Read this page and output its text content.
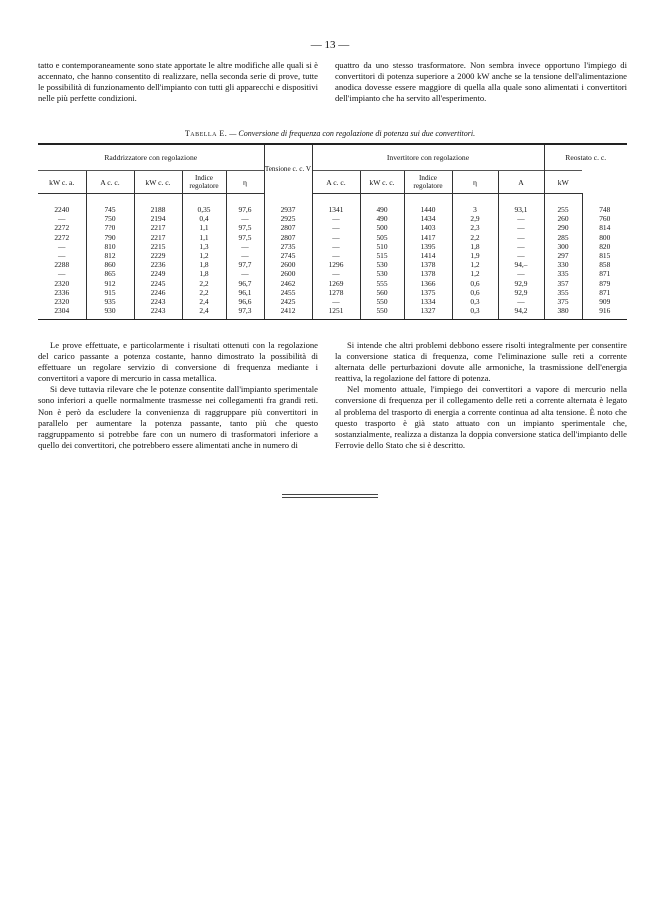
— 13 —

tatto e contemporaneamente sono state apportate le altre modifiche alle quali si è accennato, che hanno consentito di realizzare, nella seconda serie di prove, tutte le possibilità di funzionamento dell'impianto con tutti gli apparecchi e dispositivi nelle più perfette condizioni.

quattro da uno stesso trasformatore. Non sembra invece opportuno l'impiego di convertitori di potenza superiore a 2000 kW anche se la tensione dell'alimentazione anodica dovesse essere maggiore di quella alla quale sono alimentati i convertitori dell'impianto che ha servito all'esperimento.

Tabella E. — Conversione di frequenza con regolazione di potenza sui due convertitori.
Raddrizzatore con regolazione					Tensione c. c. V	Invertitore con regolazione					Reostato c. c.	
kW c. a.	A c. c.	kW c. c.	Indice regolatore	η		A c. c.	kW c. c.	Indice regolatore	η	A	kW	
2240	745	2188	0,35	97,6	2937	1341	490	1440	3	93,1	255	748
—	750	2194	0,4	—	2925	—	490	1434	2,9	—	260	760
2272	7?0	2217	1,1	97,5	2807	—	500	1403	2,3	—	290	814
2272	790	2217	1,1	97,5	2807	—	505	1417	2,2	—	285	800
—	810	2215	1,3	—	2735	—	510	1395	1,8	—	300	820
—	812	2229	1,2	—	2745	—	515	1414	1,9	—	297	815
2288	860	2236	1,8	97,7	2600	1296	530	1378	1,2	94,–	330	858
—	865	2249	1,8	—	2600	—	530	1378	1,2	—	335	871
2320	912	2245	2,2	96,7	2462	1269	555	1366	0,6	92,9	357	879
2336	915	2246	2,2	96,1	2455	1278	560	1375	0,6	92,9	355	871
2320	935	2243	2,4	96,6	2425	—	550	1334	0,3	—	375	909
2304	930	2243	2,4	97,3	2412	1251	550	1327	0,3	94,2	380	916

Le prove effettuate, e particolarmente i risultati ottenuti con la regolazione del carico passante a potenza costante, hanno dimostrato la possibilità di effettuare un regolare servizio di conversione di frequenza mediante i convertitori a vapore di mercurio in cassa metallica.

Si deve tuttavia rilevare che le potenze consentite dall'impianto sperimentale sono inferiori a quelle normalmente trasmesse nei collegamenti fra grandi reti. Non è però da escludere la convenienza di raggruppare più convertitori in parallelo per aumentare la potenza passante, tanto più che questo raggruppamento si potrebbe fare con un numero di trasformatori inferiore a quello dei convertitori, che potrebbero essere alimentati anche in numero di

Si intende che altri problemi debbono essere risolti integralmente per consentire la conversione statica di frequenza, come l'eliminazione sulle reti a corrente alternata delle perturbazioni dovute alle armoniche, la trasmissione dell'energia reattiva, la regolazione del fattore di potenza.

Nel momento attuale, l'impiego dei convertitori a vapore di mercurio nella conversione di frequenza per il collegamento delle reti a corrente alternata è legato al problema del trasporto di energia a corrente continua ad alta tensione. È noto che questo trasporto è già stato attuato con un impianto sperimentale che, sostanzialmente, realizza a distanza la doppia conversione statica dell'impianto delle Ferrovie dello Stato che si è descritto.
